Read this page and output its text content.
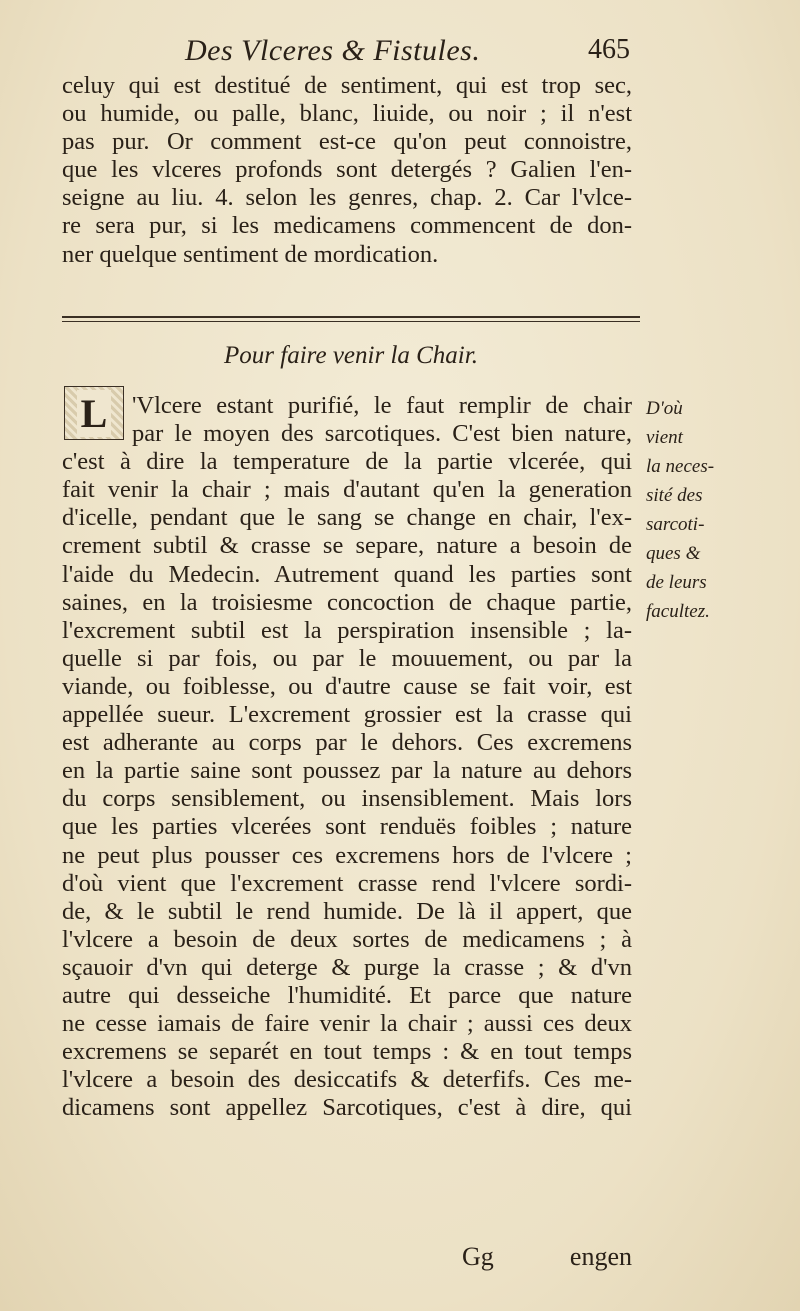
Des Vlceres & Fistules.	465
celuy qui est destitué de sentiment, qui est trop sec,
ou humide, ou palle, blanc, liuide, ou noir ; il n'est
pas pur. Or comment est-ce qu'on peut connoistre,
que les vlceres profonds sont detergés ? Galien l'en-
seigne au liu. 4. selon les genres, chap. 2. Car l'vlce-
re sera pur, si les medicamens commencent de don-
ner quelque sentiment de mordication.
Pour faire venir la Chair.
L	'Vlcere estant purifié, le faut remplir de chair
par le moyen des sarcotiques. C'est bien nature,
c'est à dire la temperature de la partie vlcerée, qui
fait venir la chair ; mais d'autant qu'en la generation
d'icelle, pendant que le sang se change en chair, l'ex-
crement subtil & crasse se separe, nature a besoin de
l'aide du Medecin. Autrement quand les parties sont
saines, en la troisiesme concoction de chaque partie,
l'excrement subtil est la perspiration insensible ; la-
quelle si par fois, ou par le mouuement, ou par la
viande, ou foiblesse, ou d'autre cause se fait voir, est
appellée sueur. L'excrement grossier est la crasse qui
est adherante au corps par le dehors. Ces excremens
en la partie saine sont poussez par la nature au dehors
du corps sensiblement, ou insensiblement. Mais lors
que les parties vlcerées sont renduës foibles ; nature
ne peut plus pousser ces excremens hors de l'vlcere ;
d'où vient que l'excrement crasse rend l'vlcere sordi-
de, & le subtil le rend humide. De là il appert, que
l'vlcere a besoin de deux sortes de medicamens ; à
sçauoir d'vn qui deterge & purge la crasse ; & d'vn
autre qui desseiche l'humidité. Et parce que nature
ne cesse iamais de faire venir la chair ; aussi ces deux
excremens se separét en tout temps : & en tout temps
l'vlcere a besoin des desiccatifs & deterfifs. Ces me-
dicamens sont appellez Sarcotiques, c'est à dire, qui
D'où
vient
la neces-
sité des
sarcoti-
ques &
de leurs
facultez.
Gg	engen
